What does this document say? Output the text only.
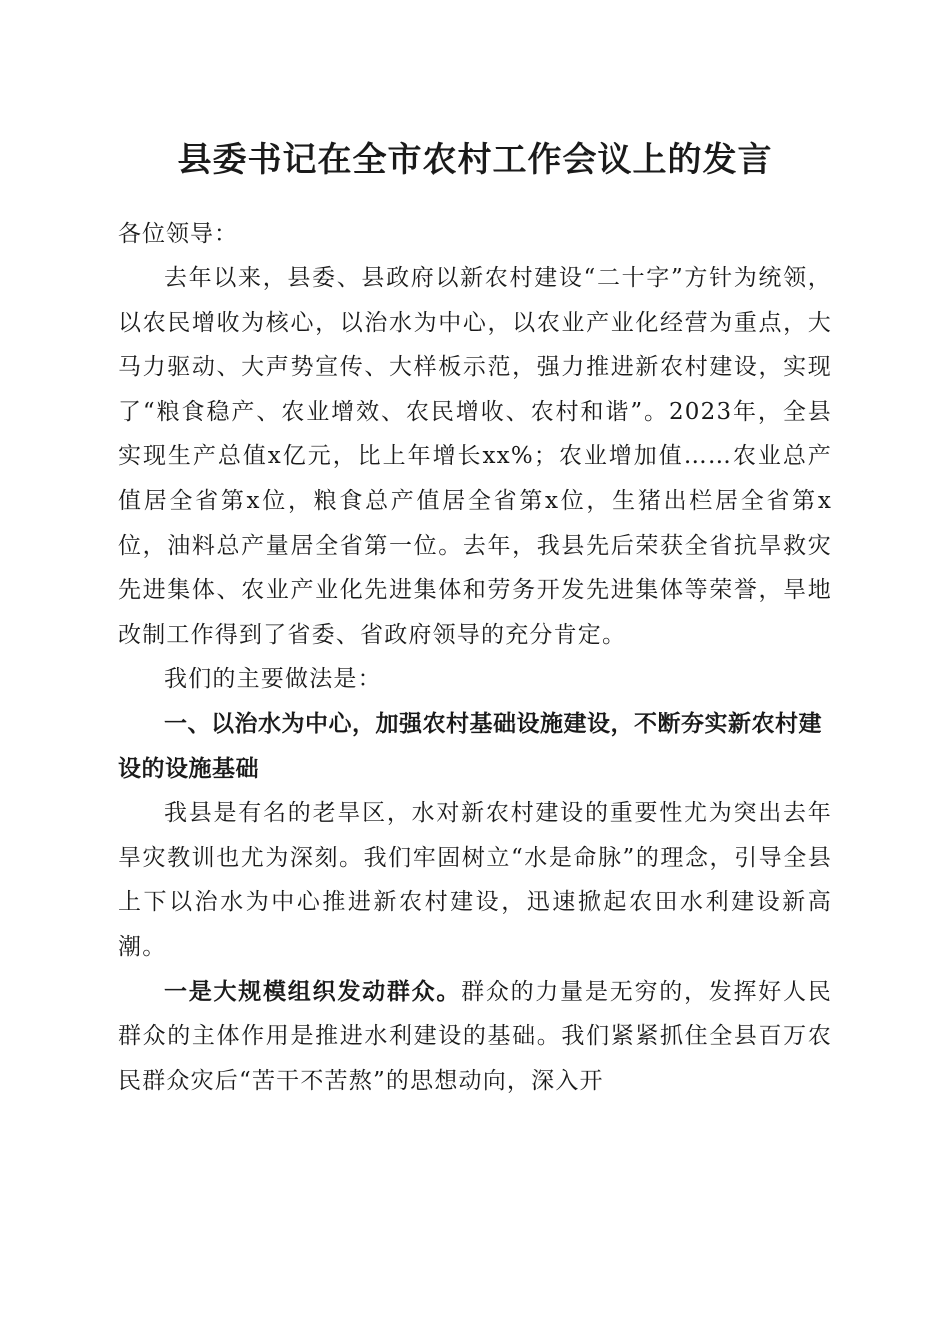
县委书记在全市农村工作会议上的发言

各位领导：

去年以来，县委、县政府以新农村建设“二十字”方针为统领，以农民增收为核心，以治水为中心，以农业产业化经营为重点，大马力驱动、大声势宣传、大样板示范，强力推进新农村建设，实现了“粮食稳产、农业增效、农民增收、农村和谐”。2023年，全县实现生产总值x亿元，比上年增长xx%；农业增加值……农业总产值居全省第x位，粮食总产值居全省第x位，生猪出栏居全省第x位，油料总产量居全省第一位。去年，我县先后荣获全省抗旱救灾先进集体、农业产业化先进集体和劳务开发先进集体等荣誉，旱地改制工作得到了省委、省政府领导的充分肯定。

我们的主要做法是：

一、以治水为中心，加强农村基础设施建设，不断夯实新农村建设的设施基础

我县是有名的老旱区，水对新农村建设的重要性尤为突出去年旱灾教训也尤为深刻。我们牢固树立“水是命脉”的理念，引导全县上下以治水为中心推进新农村建设，迅速掀起农田水利建设新高潮。

一是大规模组织发动群众。群众的力量是无穷的，发挥好人民群众的主体作用是推进水利建设的基础。我们紧紧抓住全县百万农民群众灾后“苦干不苦熬”的思想动向，深入开
